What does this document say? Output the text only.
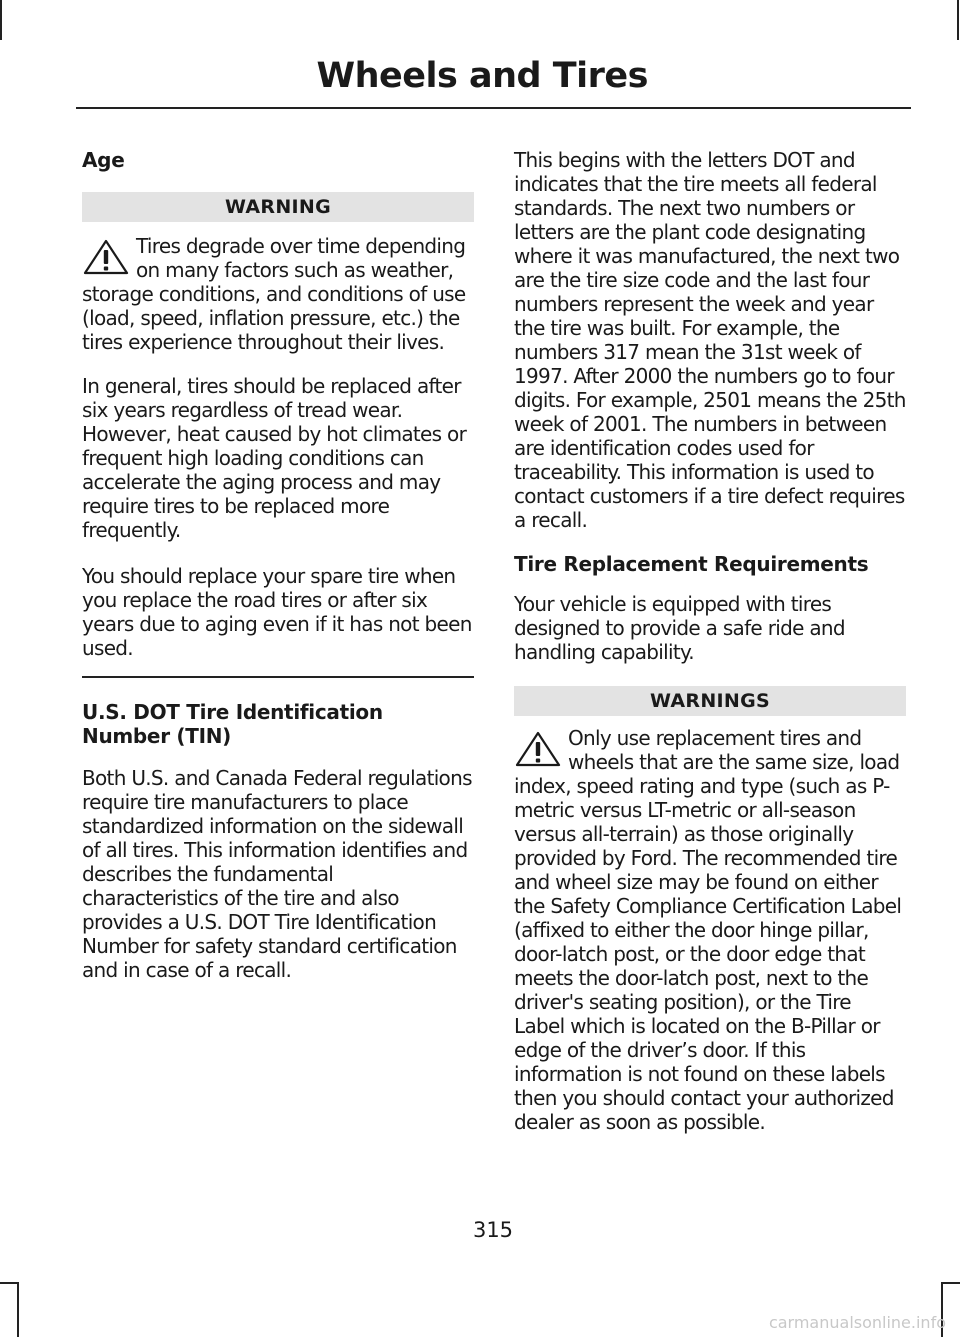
Wheels and Tires

Age

WARNING

Tires degrade over time depending on many factors such as weather, storage conditions, and conditions of use (load, speed, inflation pressure, etc.) the tires experience throughout their lives.

In general, tires should be replaced after six years regardless of tread wear. However, heat caused by hot climates or frequent high loading conditions can accelerate the aging process and may require tires to be replaced more frequently.

You should replace your spare tire when you replace the road tires or after six years due to aging even if it has not been used.

U.S. DOT Tire Identification Number (TIN)

Both U.S. and Canada Federal regulations require tire manufacturers to place standardized information on the sidewall of all tires. This information identifies and describes the fundamental characteristics of the tire and also provides a U.S. DOT Tire Identification Number for safety standard certification and in case of a recall.

This begins with the letters DOT and indicates that the tire meets all federal standards. The next two numbers or letters are the plant code designating where it was manufactured, the next two are the tire size code and the last four numbers represent the week and year the tire was built. For example, the numbers 317 mean the 31st week of 1997. After 2000 the numbers go to four digits. For example, 2501 means the 25th week of 2001. The numbers in between are identification codes used for traceability. This information is used to contact customers if a tire defect requires a recall.

Tire Replacement Requirements

Your vehicle is equipped with tires designed to provide a safe ride and handling capability.

WARNINGS

Only use replacement tires and wheels that are the same size, load index, speed rating and type (such as P-metric versus LT-metric or all-season versus all-terrain) as those originally provided by Ford. The recommended tire and wheel size may be found on either the Safety Compliance Certification Label (affixed to either the door hinge pillar, door-latch post, or the door edge that meets the door-latch post, next to the driver's seating position), or the Tire Label which is located on the B-Pillar or edge of the driver’s door. If this information is not found on these labels then you should contact your authorized dealer as soon as possible.

315
carmanualsonline.info
